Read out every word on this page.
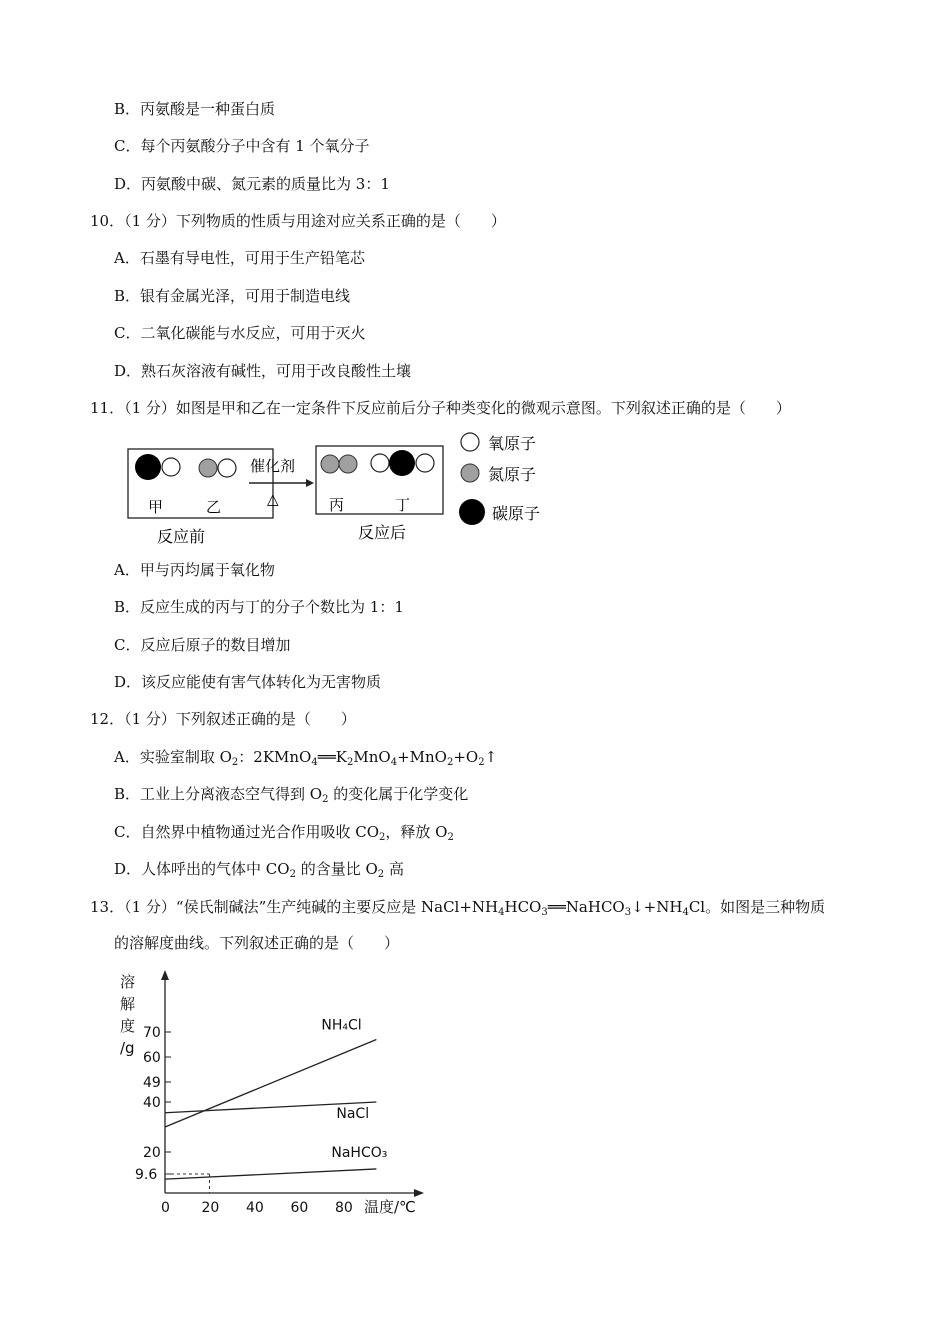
B．丙氨酸是一种蛋白质
C．每个丙氨酸分子中含有 1 个氧分子
D．丙氨酸中碳、氮元素的质量比为 3：1
10．（1 分）下列物质的性质与用途对应关系正确的是（　　）
A．石墨有导电性，可用于生产铅笔芯
B．银有金属光泽，可用于制造电线
C．二氧化碳能与水反应，可用于灭火
D．熟石灰溶液有碱性，可用于改良酸性土壤
11．（1 分）如图是甲和乙在一定条件下反应前后分子种类变化的微观示意图。下列叙述正确的是（　　）
甲	乙
反应前
催化剂
△	丙	丁
反应后
氧原子
氮原子
碳原子
A．甲与丙均属于氧化物
B．反应生成的丙与丁的分子个数比为 1：1
C．反应后原子的数目增加
D．该反应能使有害气体转化为无害物质
12．（1 分）下列叙述正确的是（　　）
A．实验室制取 $O_2$：$2KMnO_4══K_2MnO_4+MnO_2+O_2↑$
B．工业上分离液态空气得到 $O_2$ 的变化属于化学变化
C．自然界中植物通过光合作用吸收 $CO_2$，释放 $O_2$
D．人体呼出的气体中 $CO_2$ 的含量比 $O_2$ 高
13．（1 分）“侯氏制碱法”生产纯碱的主要反应是 $NaCl+NH_4HCO_3══NaHCO_3↓+NH_4Cl$。如图是三种物质
的溶解度曲线。下列叙述正确的是（　　）
溶
解
度
/g
温度/℃
0 20 40 60 80
9.6
20
40
49
60
70	NH₄Cl
NaCl
NaHCO₃
